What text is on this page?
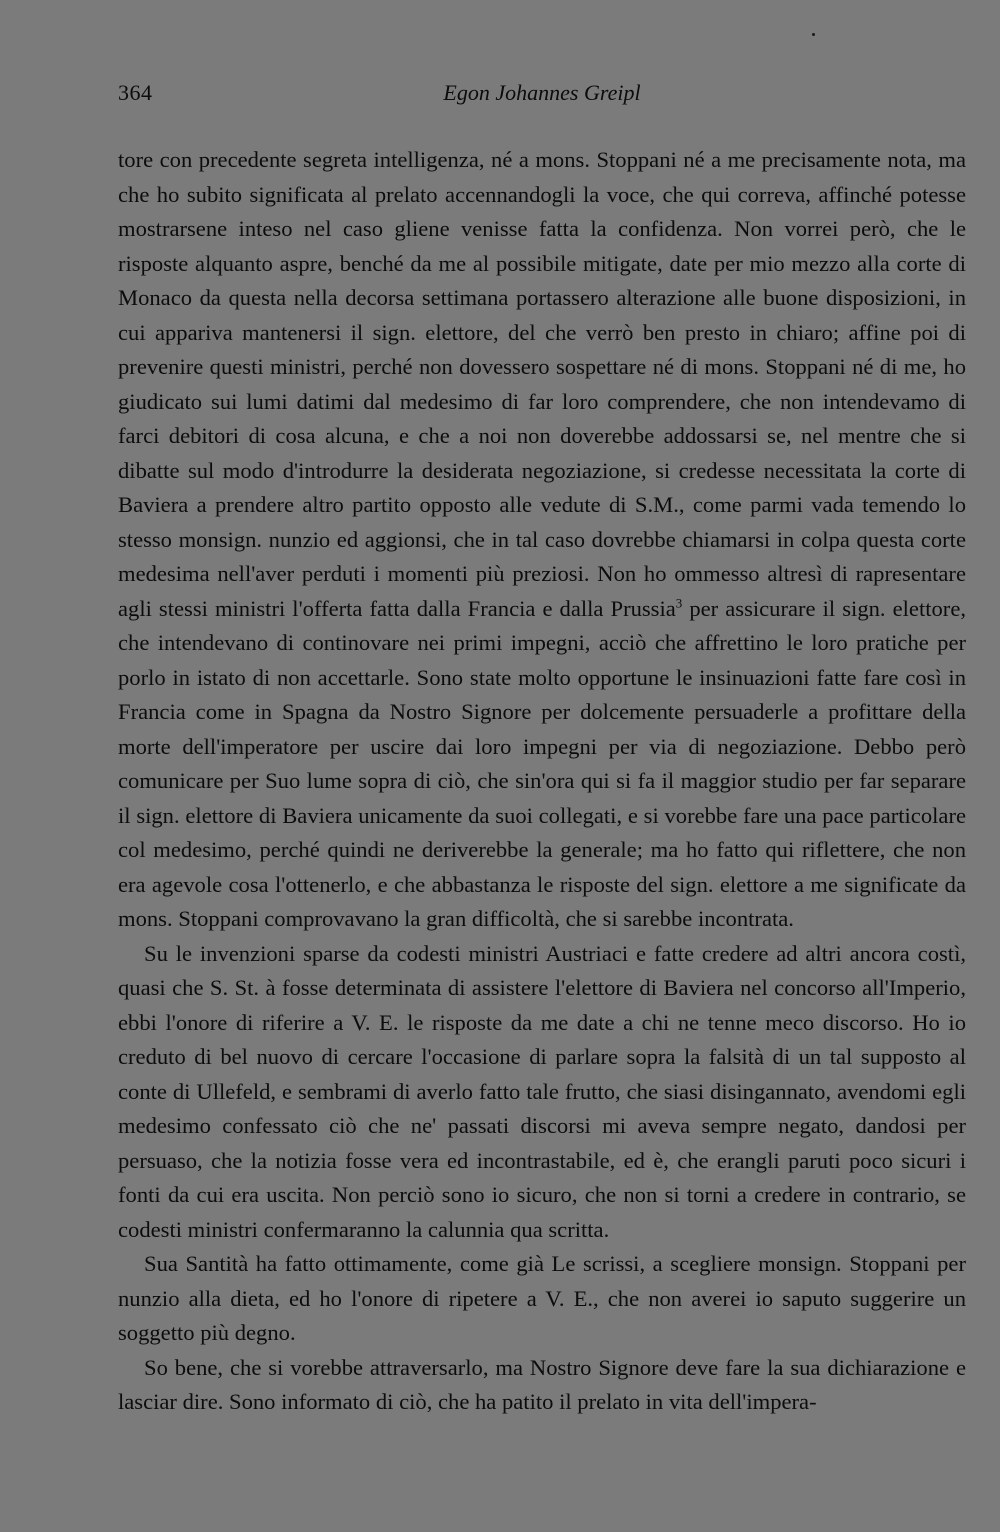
364	Egon Johannes Greipl

tore con precedente segreta intelligenza, né a mons. Stoppani né a me precisamente nota, ma che ho subito significata al prelato accennandogli la voce, che qui correva, affinché potesse mostrarsene inteso nel caso gliene venisse fatta la confidenza. Non vorrei però, che le risposte alquanto aspre, benché da me al possibile mitigate, date per mio mezzo alla corte di Monaco da questa nella decorsa settimana portassero alterazione alle buone disposizioni, in cui appariva mantenersi il sign. elettore, del che verrò ben presto in chiaro; affine poi di prevenire questi ministri, perché non dovessero sospettare né di mons. Stoppani né di me, ho giudicato sui lumi datimi dal medesimo di far loro comprendere, che non intendevamo di farci debitori di cosa alcuna, e che a noi non doverebbe addossarsi se, nel mentre che si dibatte sul modo d'introdurre la desiderata negoziazione, si credesse necessitata la corte di Baviera a prendere altro partito opposto alle vedute di S.M., come parmi vada temendo lo stesso monsign. nunzio ed aggionsi, che in tal caso dovrebbe chiamarsi in colpa questa corte medesima nell'aver perduti i momenti più preziosi. Non ho ommesso altresì di rapresentare agli stessi ministri l'offerta fatta dalla Francia e dalla Prussia$^3$ per assicurare il sign. elettore, che intendevano di continovare nei primi impegni, acciò che affrettino le loro pratiche per porlo in istato di non accettarle. Sono state molto opportune le insinuazioni fatte fare così in Francia come in Spagna da Nostro Signore per dolcemente persuaderle a profittare della morte dell'imperatore per uscire dai loro impegni per via di negoziazione. Debbo però comunicare per Suo lume sopra di ciò, che sin'ora qui si fa il maggior studio per far separare il sign. elettore di Baviera unicamente da suoi collegati, e si vorebbe fare una pace particolare col medesimo, perché quindi ne deriverebbe la generale; ma ho fatto qui riflettere, che non era agevole cosa l'ottenerlo, e che abbastanza le risposte del sign. elettore a me significate da mons. Stoppani comprovavano la gran difficoltà, che si sarebbe incontrata.

Su le invenzioni sparse da codesti ministri Austriaci e fatte credere ad altri ancora costì, quasi che S. St. à fosse determinata di assistere l'elettore di Baviera nel concorso all'Imperio, ebbi l'onore di riferire a V. E. le risposte da me date a chi ne tenne meco discorso. Ho io creduto di bel nuovo di cercare l'occasione di parlare sopra la falsità di un tal supposto al conte di Ullefeld, e sembrami di averlo fatto tale frutto, che siasi disingannato, avendomi egli medesimo confessato ciò che ne' passati discorsi mi aveva sempre negato, dandosi per persuaso, che la notizia fosse vera ed incontrastabile, ed è, che erangli paruti poco sicuri i fonti da cui era uscita. Non perciò sono io sicuro, che non si torni a credere in contrario, se codesti ministri confermaranno la calunnia qua scritta.

Sua Santità ha fatto ottimamente, come già Le scrissi, a scegliere monsign. Stoppani per nunzio alla dieta, ed ho l'onore di ripetere a V. E., che non averei io saputo suggerire un soggetto più degno.

So bene, che si vorebbe attraversarlo, ma Nostro Signore deve fare la sua dichiarazione e lasciar dire. Sono informato di ciò, che ha patito il prelato in vita dell'impera-
